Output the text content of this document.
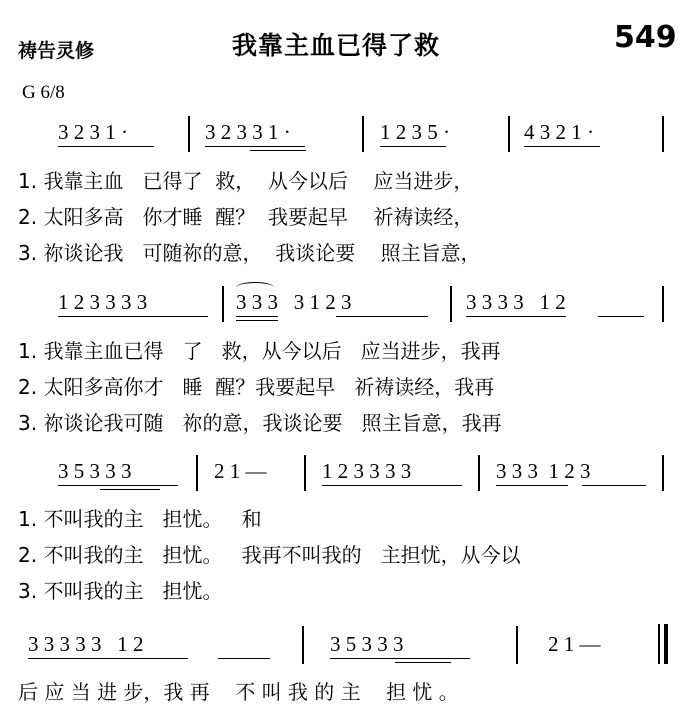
祷告灵修	我靠主血已得了救	549
G 6/8
3 2 3 1 ·	3 2 3 3 1 ·	1 2 3 5 ·	4 3 2 1 ·
1. 我靠主血   已得了  救，  从今以后    应当进步，
2. 太阳多高   你才睡  醒？  我要起早    祈祷读经，
3. 祢谈论我   可随祢的意，  我谈论要    照主旨意，
1 2 3 3 3 3	3 3 3   3 1 2 3	3 3 3 3   1 2
1. 我靠主血已得   了   救，从今以后   应当进步，我再
2. 太阳多高你才   睡  醒？我要起早   祈祷读经，我再
3. 祢谈论我可随   祢的意，我谈论要   照主旨意，我再
3 5 3 3 3	2 1 —	1 2 3 3 3 3	3 3 3  1 2 3
1. 不叫我的主   担忧。   和
2. 不叫我的主   担忧。   我再不叫我的   主担忧，从今以
3. 不叫我的主   担忧。
3 3 3 3 3   1 2	3 5 3 3 3	2 1 —
后 应 当 进 步，我 再    不 叫 我 的 主    担 忧 。
